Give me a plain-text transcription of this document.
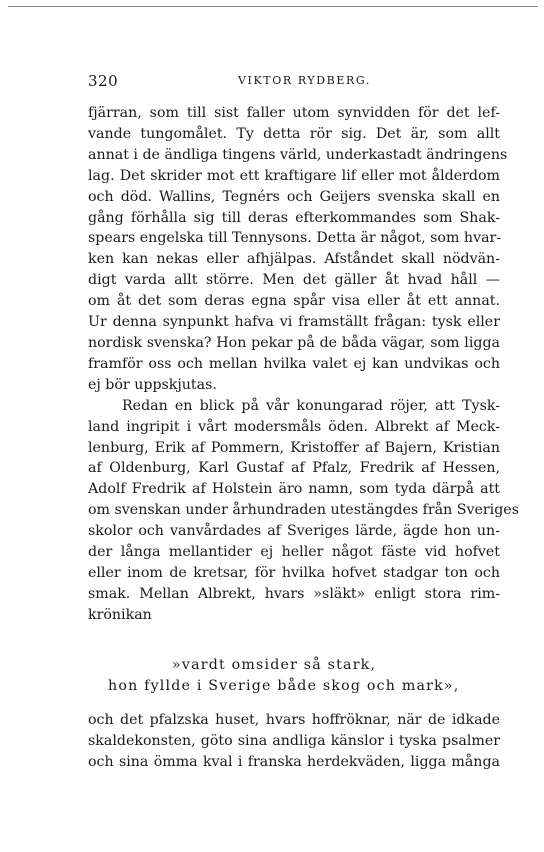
320	VIKTOR RYDBERG.
fjärran, som till sist faller utom synvidden för det lef-
vande tungomålet. Ty detta rör sig. Det är, som allt
annat i de ändliga tingens värld, underkastadt ändringens
lag. Det skrider mot ett kraftigare lif eller mot ålderdom
och död. Wallins, Tegnérs och Geijers svenska skall en
gång förhålla sig till deras efterkommandes som Shak-
spears engelska till Tennysons. Detta är något, som hvar-
ken kan nekas eller afhjälpas. Afståndet skall nödvän-
digt varda allt större. Men det gäller åt hvad håll —
om åt det som deras egna spår visa eller åt ett annat.
Ur denna synpunkt hafva vi framställt frågan: tysk eller
nordisk svenska? Hon pekar på de båda vägar, som ligga
framför oss och mellan hvilka valet ej kan undvikas och
ej bör uppskjutas.
Redan en blick på vår konungarad röjer, att Tysk-
land ingripit i vårt modersmåls öden. Albrekt af Meck-
lenburg, Erik af Pommern, Kristoffer af Bajern, Kristian
af Oldenburg, Karl Gustaf af Pfalz, Fredrik af Hessen,
Adolf Fredrik af Holstein äro namn, som tyda därpå att
om svenskan under århundraden utestängdes från Sveriges
skolor och vanvårdades af Sveriges lärde, ägde hon un-
der långa mellantider ej heller något fäste vid hofvet
eller inom de kretsar, för hvilka hofvet stadgar ton och
smak. Mellan Albrekt, hvars »släkt» enligt stora rim-
krönikan
»vardt omsider så stark,
hon fyllde i Sverige både skog och mark»,
och det pfalzska huset, hvars hoffröknar, när de idkade
skaldekonsten, göto sina andliga känslor i tyska psalmer
och sina ömma kval i franska herdekväden, ligga många
